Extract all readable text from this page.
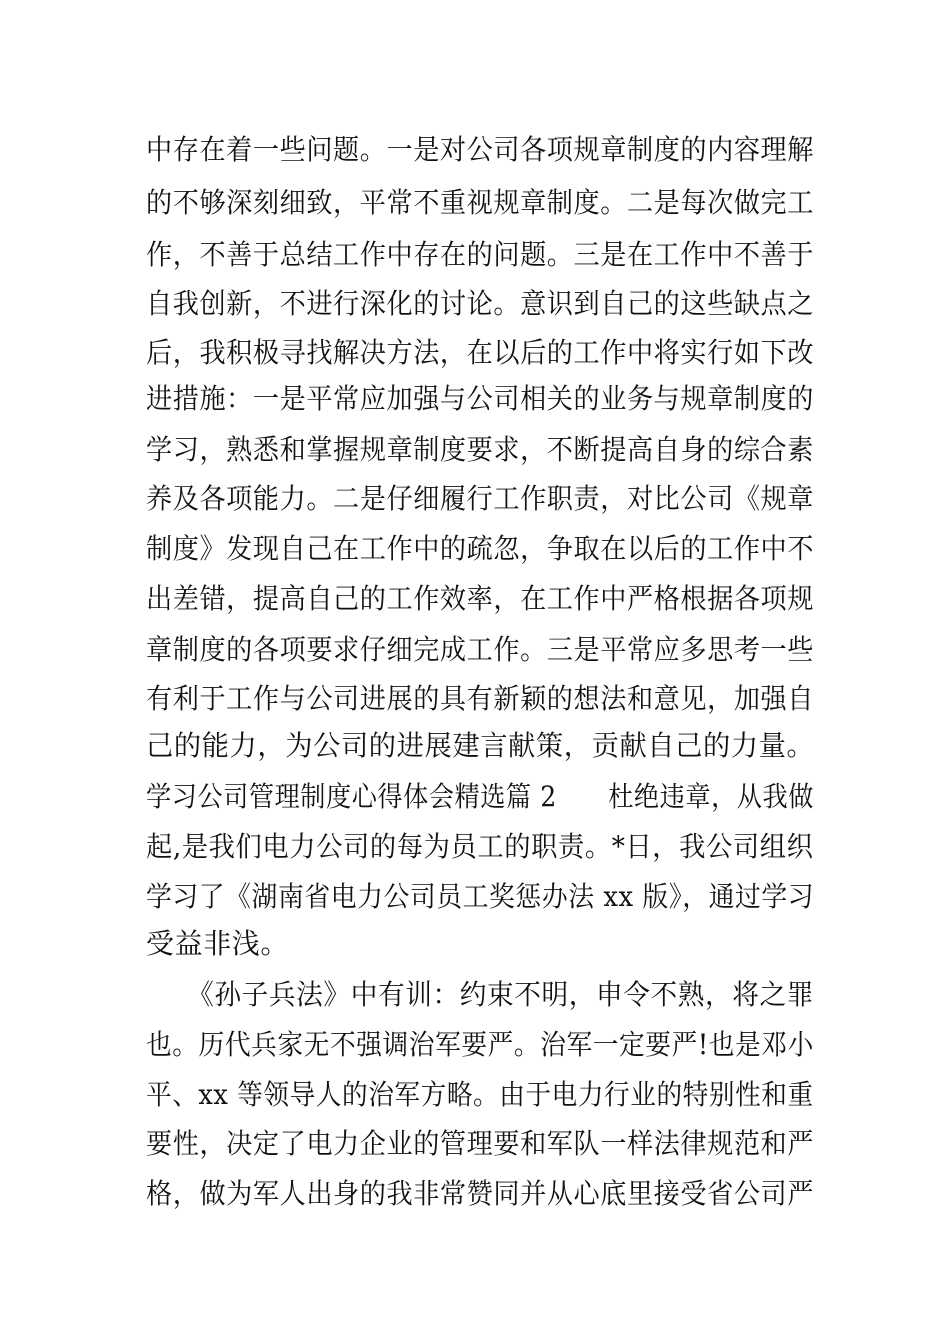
中存在着一些问题。一是对公司各项规章制度的内容理解
的不够深刻细致，平常不重视规章制度。二是每次做完工
作，不善于总结工作中存在的问题。三是在工作中不善于
自我创新，不进行深化的讨论。意识到自己的这些缺点之
后，我积极寻找解决方法，在以后的工作中将实行如下改
进措施：一是平常应加强与公司相关的业务与规章制度的
学习，熟悉和掌握规章制度要求，不断提高自身的综合素
养及各项能力。二是仔细履行工作职责，对比公司《规章
制度》发现自己在工作中的疏忽，争取在以后的工作中不
出差错，提高自己的工作效率，在工作中严格根据各项规
章制度的各项要求仔细完成工作。三是平常应多思考一些
有利于工作与公司进展的具有新颖的想法和意见，加强自
己的能力，为公司的进展建言献策，贡献自己的力量。
学习公司管理制度心得体会精选篇 2　　杜绝违章，从我做
起,是我们电力公司的每为员工的职责。*日，我公司组织
学习了《湖南省电力公司员工奖惩办法 xx 版》，通过学习
受益非浅。
　　《孙子兵法》中有训：约束不明，申令不熟，将之罪
也。历代兵家无不强调治军要严。治军一定要严!也是邓小
平、xx 等领导人的治军方略。由于电力行业的特别性和重
要性，决定了电力企业的管理要和军队一样法律规范和严
格，做为军人出身的我非常赞同并从心底里接受省公司严
